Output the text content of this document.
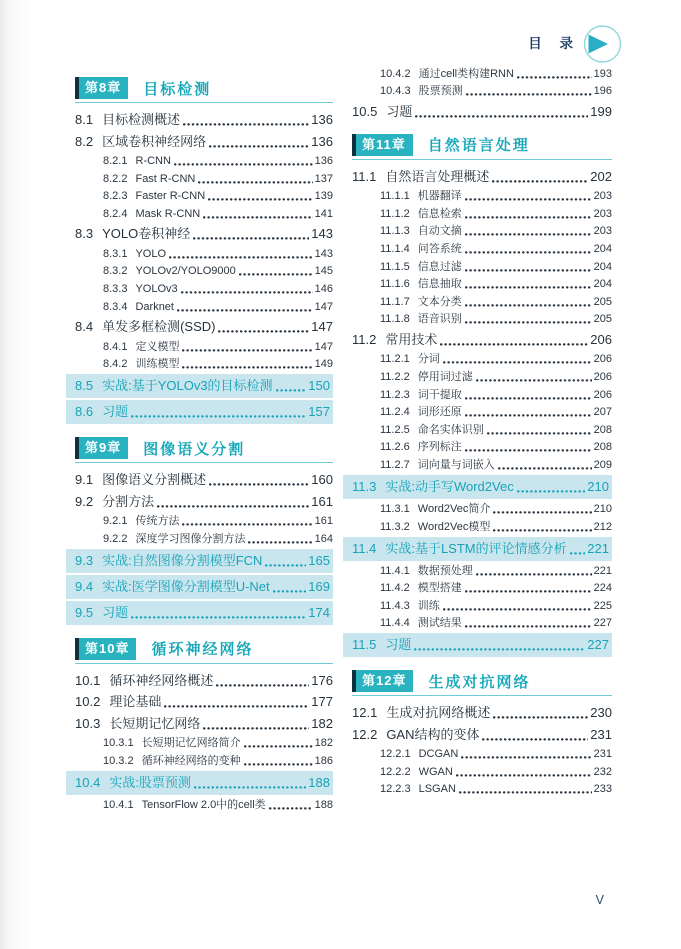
目 录
第8章	目标检测
8.1 目标检测概述	136
8.2 区域卷积神经网络	136
8.2.1 R-CNN	136
8.2.2 Fast R-CNN	137
8.2.3 Faster R-CNN	139
8.2.4 Mask R-CNN	141
8.3 YOLO卷积神经	143
8.3.1 YOLO	143
8.3.2 YOLOv2/YOLO9000	145
8.3.3 YOLOv3	146
8.3.4 Darknet	147
8.4 单发多框检测(SSD)	147
8.4.1 定义模型	147
8.4.2 训练模型	149
8.5 实战:基于YOLOv3的目标检测	150
8.6 习题	157
第9章	图像语义分割
9.1 图像语义分割概述	160
9.2 分割方法	161
9.2.1 传统方法	161
9.2.2 深度学习图像分割方法	164
9.3 实战:自然图像分割模型FCN	165
9.4 实战:医学图像分割模型U-Net	169
9.5 习题	174
第10章	循环神经网络
10.1 循环神经网络概述	176
10.2 理论基础	177
10.3 长短期记忆网络	182
10.3.1 长短期记忆网络简介	182
10.3.2 循环神经网络的变种	186
10.4 实战:股票预测	188
10.4.1 TensorFlow 2.0中的cell类	188
10.4.2 通过cell类构建RNN	193
10.4.3 股票预测	196
10.5 习题	199
第11章	自然语言处理
11.1 自然语言处理概述	202
11.1.1 机器翻译	203
11.1.2 信息检索	203
11.1.3 自动文摘	203
11.1.4 问答系统	204
11.1.5 信息过滤	204
11.1.6 信息抽取	204
11.1.7 文本分类	205
11.1.8 语音识别	205
11.2 常用技术	206
11.2.1 分词	206
11.2.2 停用词过滤	206
11.2.3 词干提取	206
11.2.4 词形还原	207
11.2.5 命名实体识别	208
11.2.6 序列标注	208
11.2.7 词向量与词嵌入	209
11.3 实战:动手写Word2Vec	210
11.3.1 Word2Vec简介	210
11.3.2 Word2Vec模型	212
11.4 实战:基于LSTM的评论情感分析 221
11.4.1 数据预处理	221
11.4.2 模型搭建	224
11.4.3 训练	225
11.4.4 测试结果	227
11.5 习题	227
第12章	生成对抗网络
12.1 生成对抗网络概述	230
12.2 GAN结构的变体	231
12.2.1 DCGAN	231
12.2.2 WGAN	232
12.2.3 LSGAN	233
V
